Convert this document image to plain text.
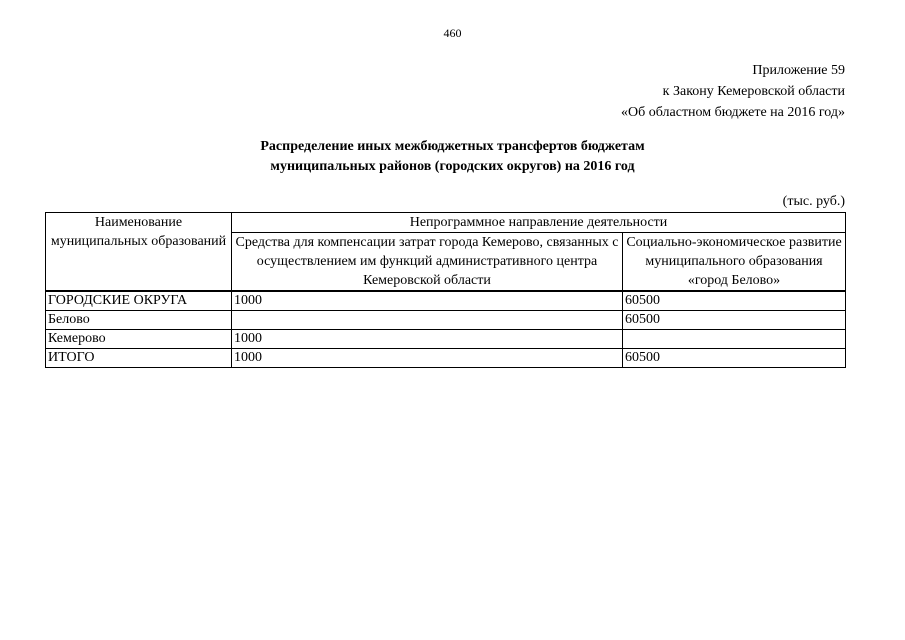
460
Приложение 59
к Закону Кемеровской области
«Об областном бюджете на 2016 год»
Распределение иных межбюджетных трансфертов бюджетам
муниципальных районов (городских округов) на 2016 год
(тыс. руб.)
Наименование муниципальных образований	Непрограммное направление деятельности	
	Средства для компенсации затрат города Кемерово, связанных с осуществлением им функций административного центра Кемеровской области	Социально-экономическое развитие муниципального образования «город Белово»
ГОРОДСКИЕ ОКРУГА	1000	60500
Белово		60500
Кемерово	1000	
ИТОГО	1000	60500
